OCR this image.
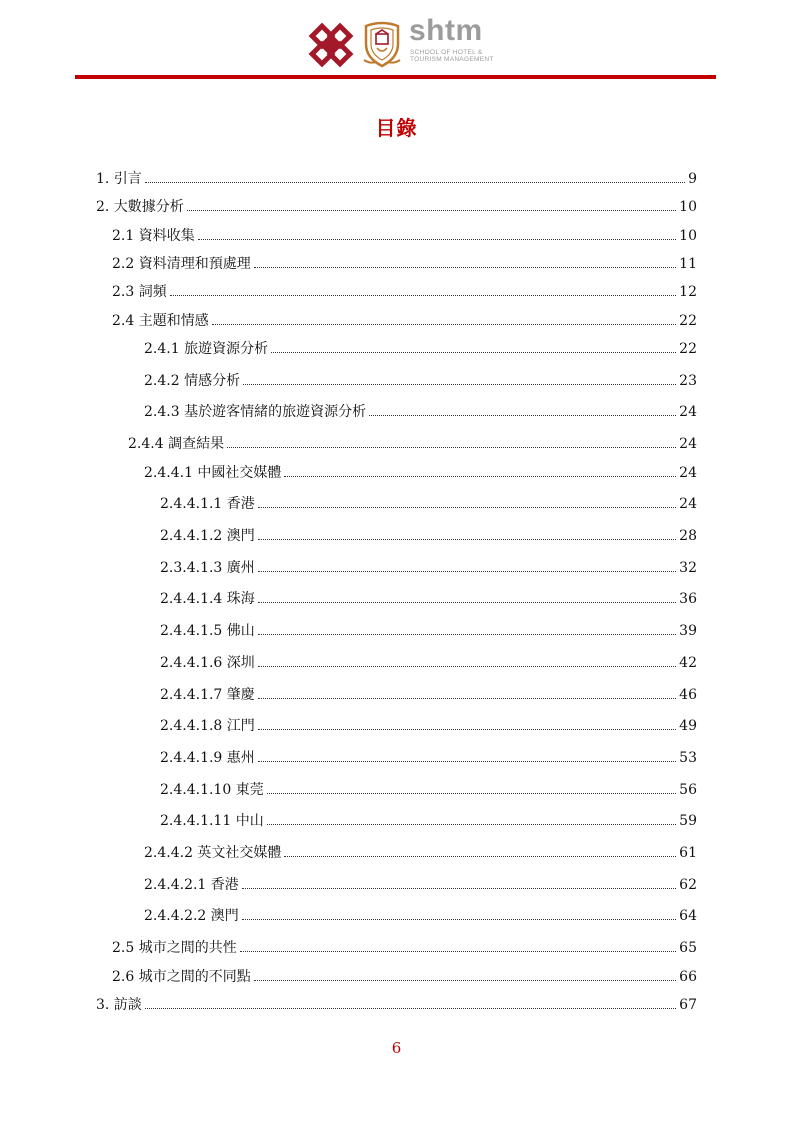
shtm
SCHOOL OF HOTEL &
TOURISM MANAGEMENT
目錄
1. 引言	9
2. 大數據分析	10
2.1 資料收集	10
2.2 資料清理和預處理	11
2.3 詞頻	12
2.4 主題和情感	22
2.4.1 旅遊資源分析	22
2.4.2 情感分析	23
2.4.3 基於遊客情緒的旅遊資源分析	24
2.4.4 調查結果	24
2.4.4.1 中國社交媒體	24
2.4.4.1.1 香港	24
2.4.4.1.2 澳門	28
2.3.4.1.3 廣州	32
2.4.4.1.4 珠海	36
2.4.4.1.5 佛山	39
2.4.4.1.6 深圳	42
2.4.4.1.7 肇慶	46
2.4.4.1.8 江門	49
2.4.4.1.9 惠州	53
2.4.4.1.10 東莞	56
2.4.4.1.11 中山	59
2.4.4.2 英文社交媒體	61
2.4.4.2.1 香港	62
2.4.4.2.2 澳門	64
2.5 城市之間的共性	65
2.6 城市之間的不同點	66
3. 訪談	67
6
